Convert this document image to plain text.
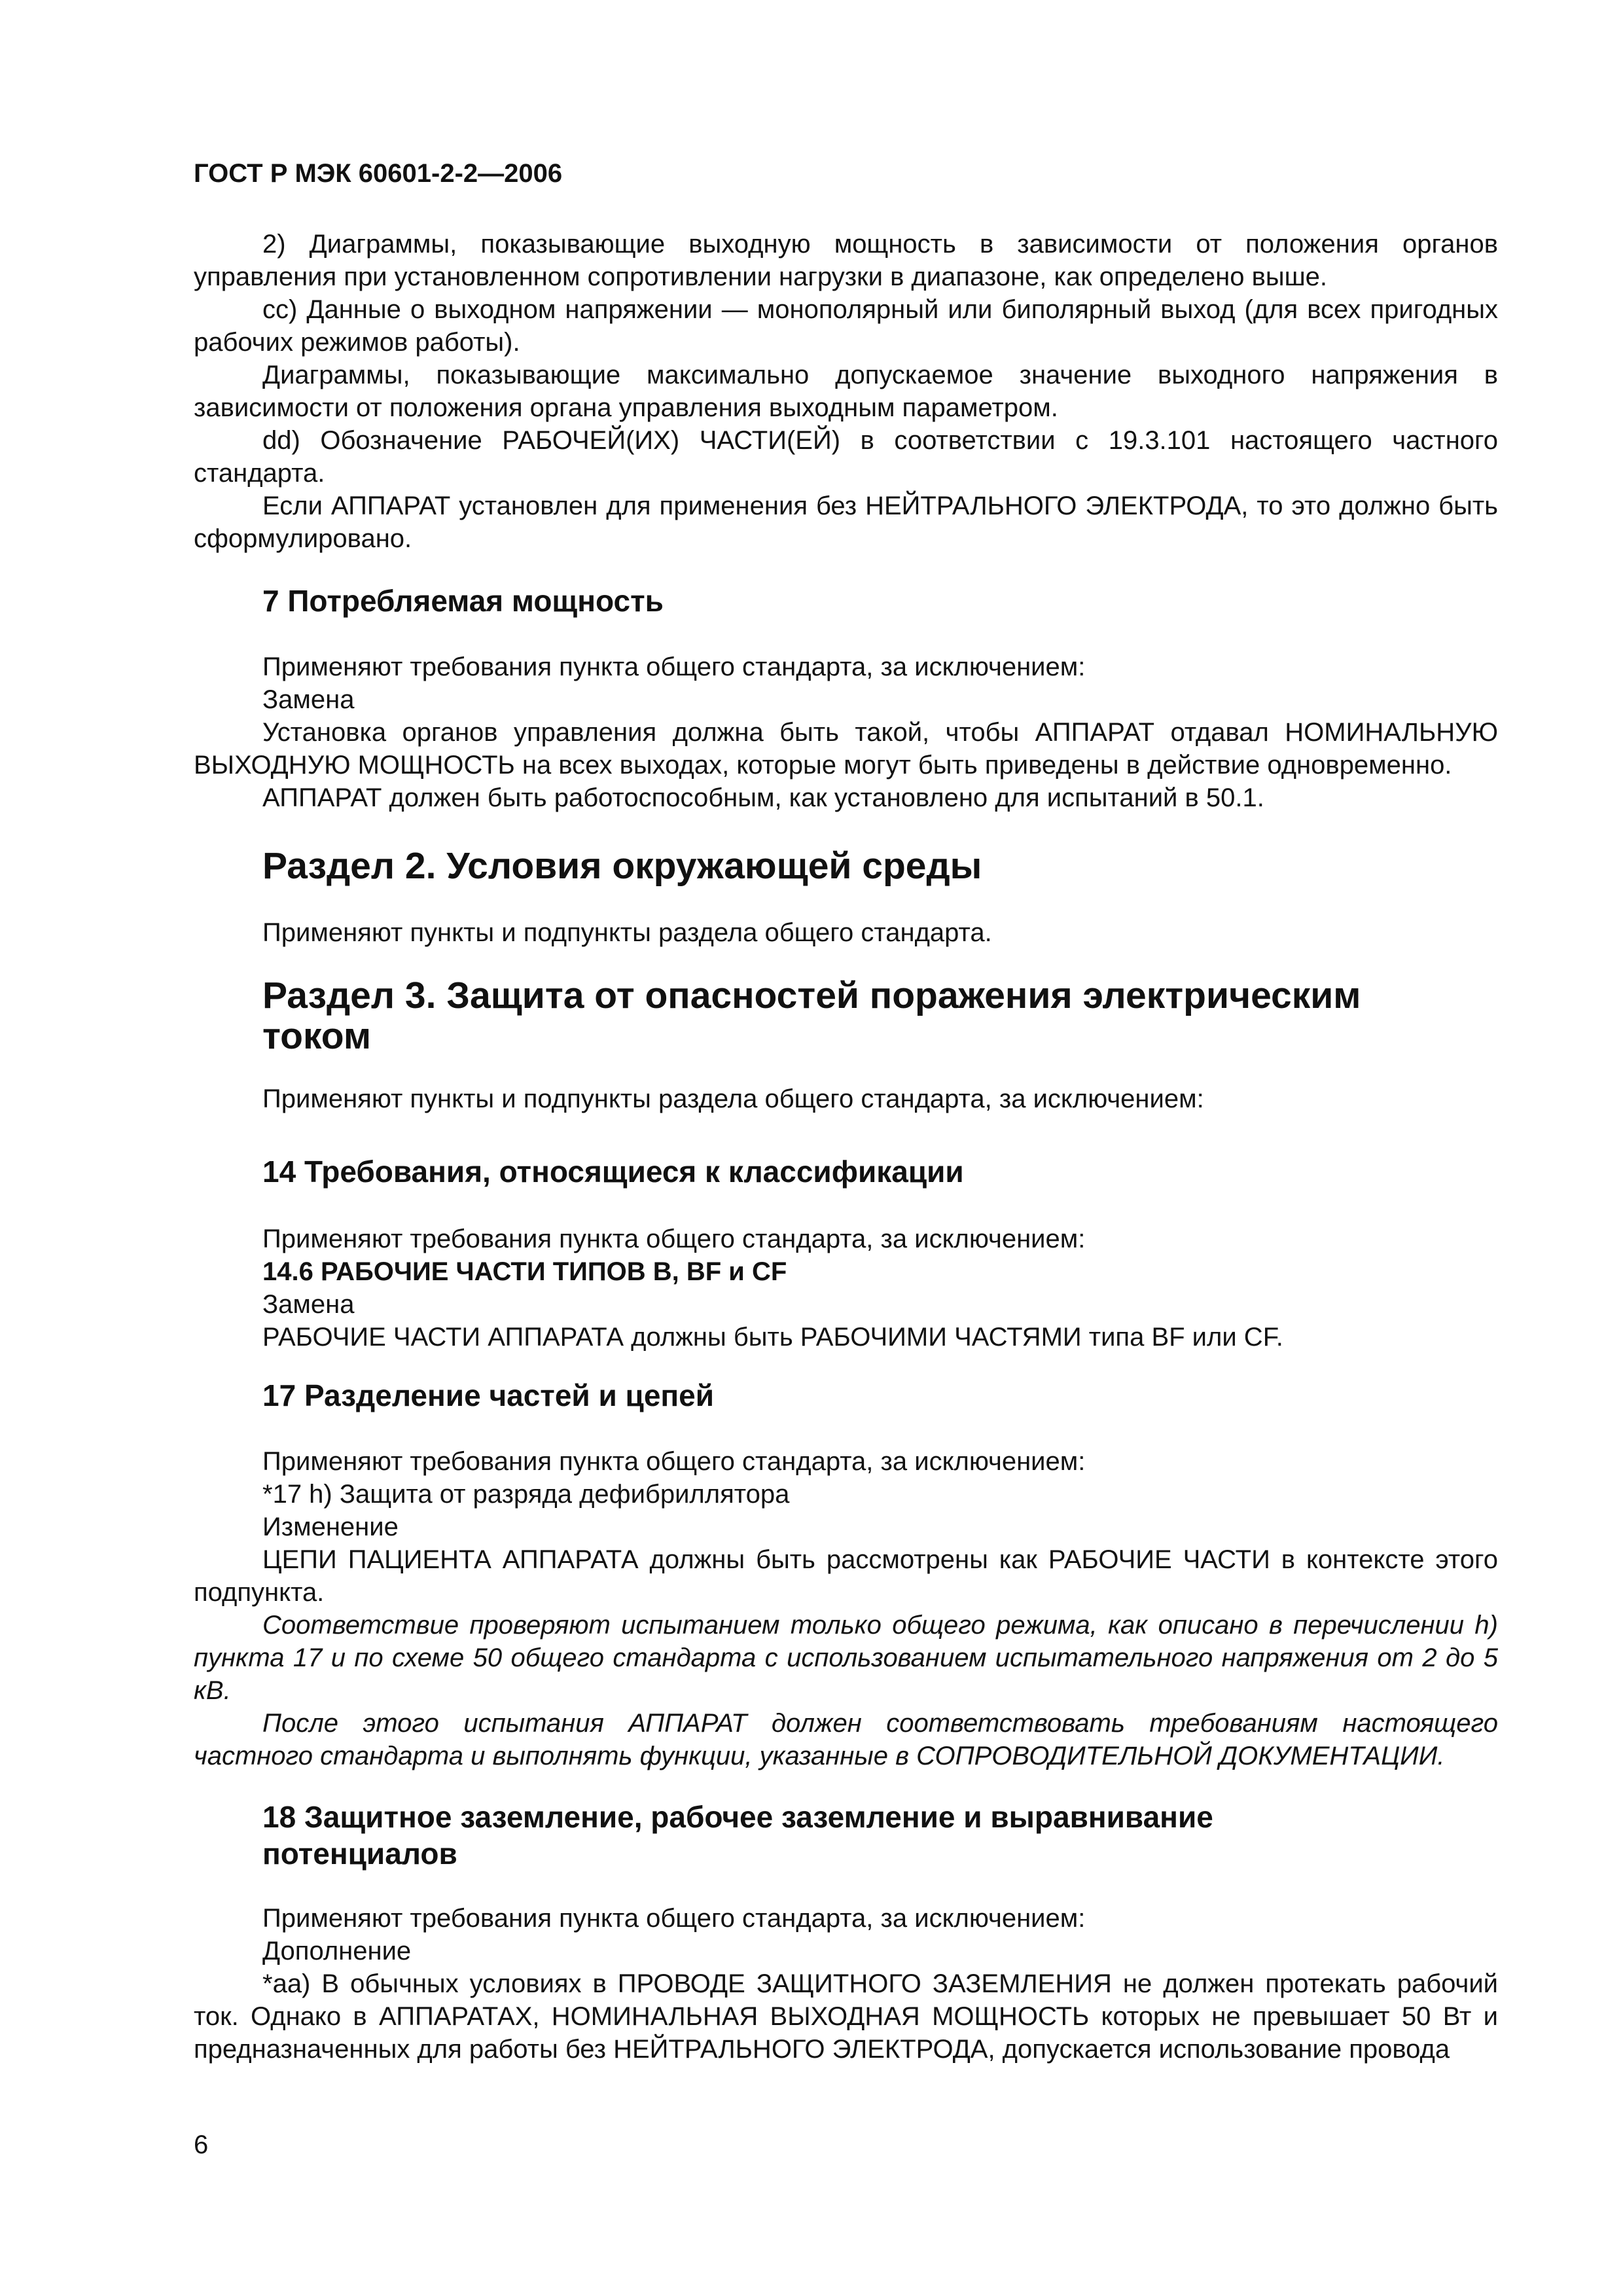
ГОСТ Р МЭК 60601-2-2—2006

2) Диаграммы, показывающие выходную мощность в зависимости от положения органов управления при установленном сопротивлении нагрузки в диапазоне, как определено выше.

сс) Данные о выходном напряжении — монополярный или биполярный выход (для всех пригодных рабочих режимов работы).

Диаграммы, показывающие максимально допускаемое значение выходного напряжения в зависимости от положения органа управления выходным параметром.

dd) Обозначение РАБОЧЕЙ(ИХ) ЧАСТИ(ЕЙ) в соответствии с 19.3.101 настоящего частного стандарта.

Если АППАРАТ установлен для применения без НЕЙТРАЛЬНОГО ЭЛЕКТРОДА, то это должно быть сформулировано.

7 Потребляемая мощность

Применяют требования пункта общего стандарта, за исключением:

Замена

Установка органов управления должна быть такой, чтобы АППАРАТ отдавал НОМИНАЛЬНУЮ ВЫХОДНУЮ МОЩНОСТЬ на всех выходах, которые могут быть приведены в действие одновременно.

АППАРАТ должен быть работоспособным, как установлено для испытаний в 50.1.

Раздел 2. Условия окружающей среды

Применяют пункты и подпункты раздела общего стандарта.

Раздел 3. Защита от опасностей поражения электрическим током

Применяют пункты и подпункты раздела общего стандарта, за исключением:

14 Требования, относящиеся к классификации

Применяют требования пункта общего стандарта, за исключением:

14.6 РАБОЧИЕ ЧАСТИ ТИПОВ В, BF и CF

Замена

РАБОЧИЕ ЧАСТИ АППАРАТА должны быть РАБОЧИМИ ЧАСТЯМИ типа BF или CF.

17 Разделение частей и цепей

Применяют требования пункта общего стандарта, за исключением:

*17 h) Защита от разряда дефибриллятора

Изменение

ЦЕПИ ПАЦИЕНТА АППАРАТА должны быть рассмотрены как РАБОЧИЕ ЧАСТИ в контексте этого подпункта.

Соответствие проверяют испытанием только общего режима, как описано в перечислении h) пункта 17 и по схеме 50 общего стандарта с использованием испытательного напряжения от 2 до 5 кВ.

После этого испытания АППАРАТ должен соответствовать требованиям настоящего частного стандарта и выполнять функции, указанные в СОПРОВОДИТЕЛЬНОЙ ДОКУМЕНТАЦИИ.

18 Защитное заземление, рабочее заземление и выравнивание потенциалов

Применяют требования пункта общего стандарта, за исключением:

Дополнение

*aa) В обычных условиях в ПРОВОДЕ ЗАЩИТНОГО ЗАЗЕМЛЕНИЯ не должен протекать рабочий ток. Однако в АППАРАТАХ, НОМИНАЛЬНАЯ ВЫХОДНАЯ МОЩНОСТЬ которых не превышает 50 Вт и предназначенных для работы без НЕЙТРАЛЬНОГО ЭЛЕКТРОДА, допускается использование провода

6
